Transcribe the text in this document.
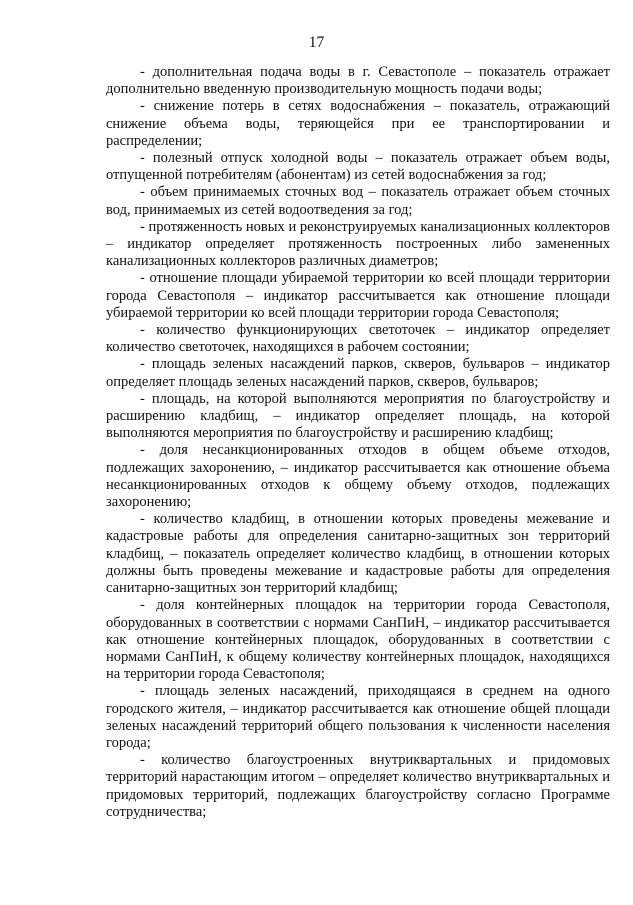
17

- дополнительная подача воды в г. Севастополе – показатель отражает дополнительно введенную производительную мощность подачи воды;

- снижение потерь в сетях водоснабжения – показатель, отражающий снижение объема воды, теряющейся при ее транспортировании и распределении;

- полезный отпуск холодной воды – показатель отражает объем воды, отпущенной потребителям (абонентам) из сетей водоснабжения за год;

- объем принимаемых сточных вод – показатель отражает объем сточных вод, принимаемых из сетей водоотведения за год;

- протяженность новых и реконструируемых канализационных коллекторов – индикатор определяет протяженность построенных либо замененных канализационных коллекторов различных диаметров;

- отношение площади убираемой территории ко всей площади территории города Севастополя – индикатор рассчитывается как отношение площади убираемой территории ко всей площади территории города Севастополя;

- количество функционирующих светоточек – индикатор определяет количество светоточек, находящихся в рабочем состоянии;

- площадь зеленых насаждений парков, скверов, бульваров – индикатор определяет площадь зеленых насаждений парков, скверов, бульваров;

- площадь, на которой выполняются мероприятия по благоустройству и расширению кладбищ, – индикатор определяет площадь, на которой выполняются мероприятия по благоустройству и расширению кладбищ;

- доля несанкционированных отходов в общем объеме отходов, подлежащих захоронению, – индикатор рассчитывается как отношение объема несанкционированных отходов к общему объему отходов, подлежащих захоронению;

- количество кладбищ, в отношении которых проведены межевание и кадастровые работы для определения санитарно-защитных зон территорий кладбищ, – показатель определяет количество кладбищ, в отношении которых должны быть проведены межевание и кадастровые работы для определения санитарно-защитных зон территорий кладбищ;

- доля контейнерных площадок на территории города Севастополя, оборудованных в соответствии с нормами СанПиН, – индикатор рассчитывается как отношение контейнерных площадок, оборудованных в соответствии с нормами СанПиН, к общему количеству контейнерных площадок, находящихся на территории города Севастополя;

- площадь зеленых насаждений, приходящаяся в среднем на одного городского жителя, – индикатор рассчитывается как отношение общей площади зеленых насаждений территорий общего пользования к численности населения города;

- количество благоустроенных внутриквартальных и придомовых территорий нарастающим итогом – определяет количество внутриквартальных и придомовых территорий, подлежащих благоустройству согласно Программе сотрудничества;
